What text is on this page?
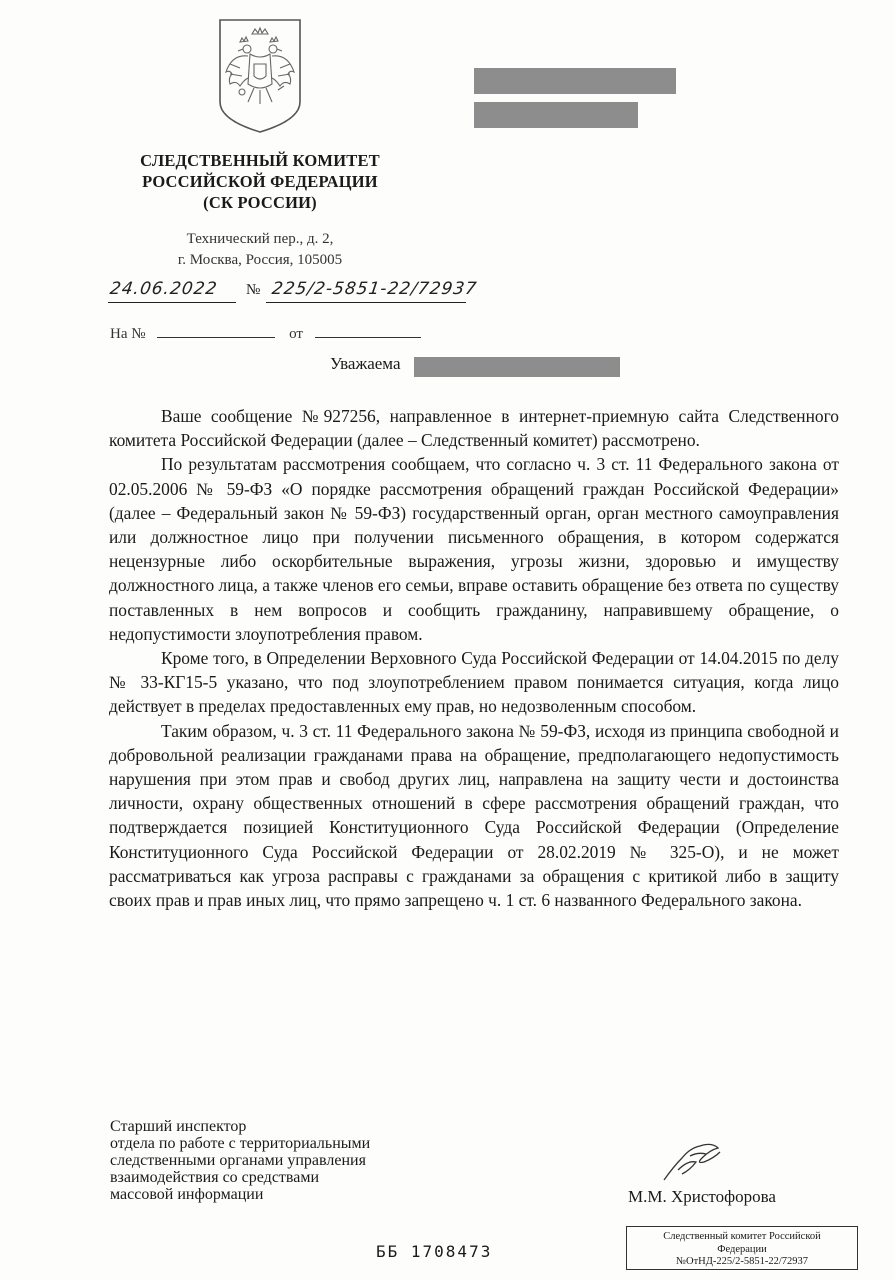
СЛЕДСТВЕННЫЙ КОМИТЕТ
РОССИЙСКОЙ ФЕДЕРАЦИИ
(СК РОССИИ)
Технический пер., д. 2,
г. Москва, Россия, 105005
24.06.2022 № 225/2-5851-22/72937
На №	от
Уважаема

Ваше сообщение №927256, направленное в интернет-приемную сайта Следственного комитета Российской Федерации (далее – Следственный комитет) рассмотрено.

По результатам рассмотрения сообщаем, что согласно ч. 3 ст. 11 Федерального закона от 02.05.2006 № 59-ФЗ «О порядке рассмотрения обращений граждан Российской Федерации» (далее – Федеральный закон № 59-ФЗ) государственный орган, орган местного самоуправления или должностное лицо при получении письменного обращения, в котором содержатся нецензурные либо оскорбительные выражения, угрозы жизни, здоровью и имуществу должностного лица, а также членов его семьи, вправе оставить обращение без ответа по существу поставленных в нем вопросов и сообщить гражданину, направившему обращение, о недопустимости злоупотребления правом.

Кроме того, в Определении Верховного Суда Российской Федерации от 14.04.2015 по делу № 33-КГ15-5 указано, что под злоупотреблением правом понимается ситуация, когда лицо действует в пределах предоставленных ему прав, но недозволенным способом.

Таким образом, ч. 3 ст. 11 Федерального закона № 59-ФЗ, исходя из принципа свободной и добровольной реализации гражданами права на обращение, предполагающего недопустимость нарушения при этом прав и свобод других лиц, направлена на защиту чести и достоинства личности, охрану общественных отношений в сфере рассмотрения обращений граждан, что подтверждается позицией Конституционного Суда Российской Федерации (Определение Конституционного Суда Российской Федерации от 28.02.2019 № 325-О), и не может рассматриваться как угроза расправы с гражданами за обращения с критикой либо в защиту своих прав и прав иных лиц, что прямо запрещено ч. 1 ст. 6 названного Федерального закона.

Старший инспектор
отдела по работе с территориальными
следственными органами управления
взаимодействия со средствами
массовой информации	М.М. Христофорова
ББ 1708473
Следственный комитет Российской
Федерации
№ОтНД-225/2-5851-22/72937
